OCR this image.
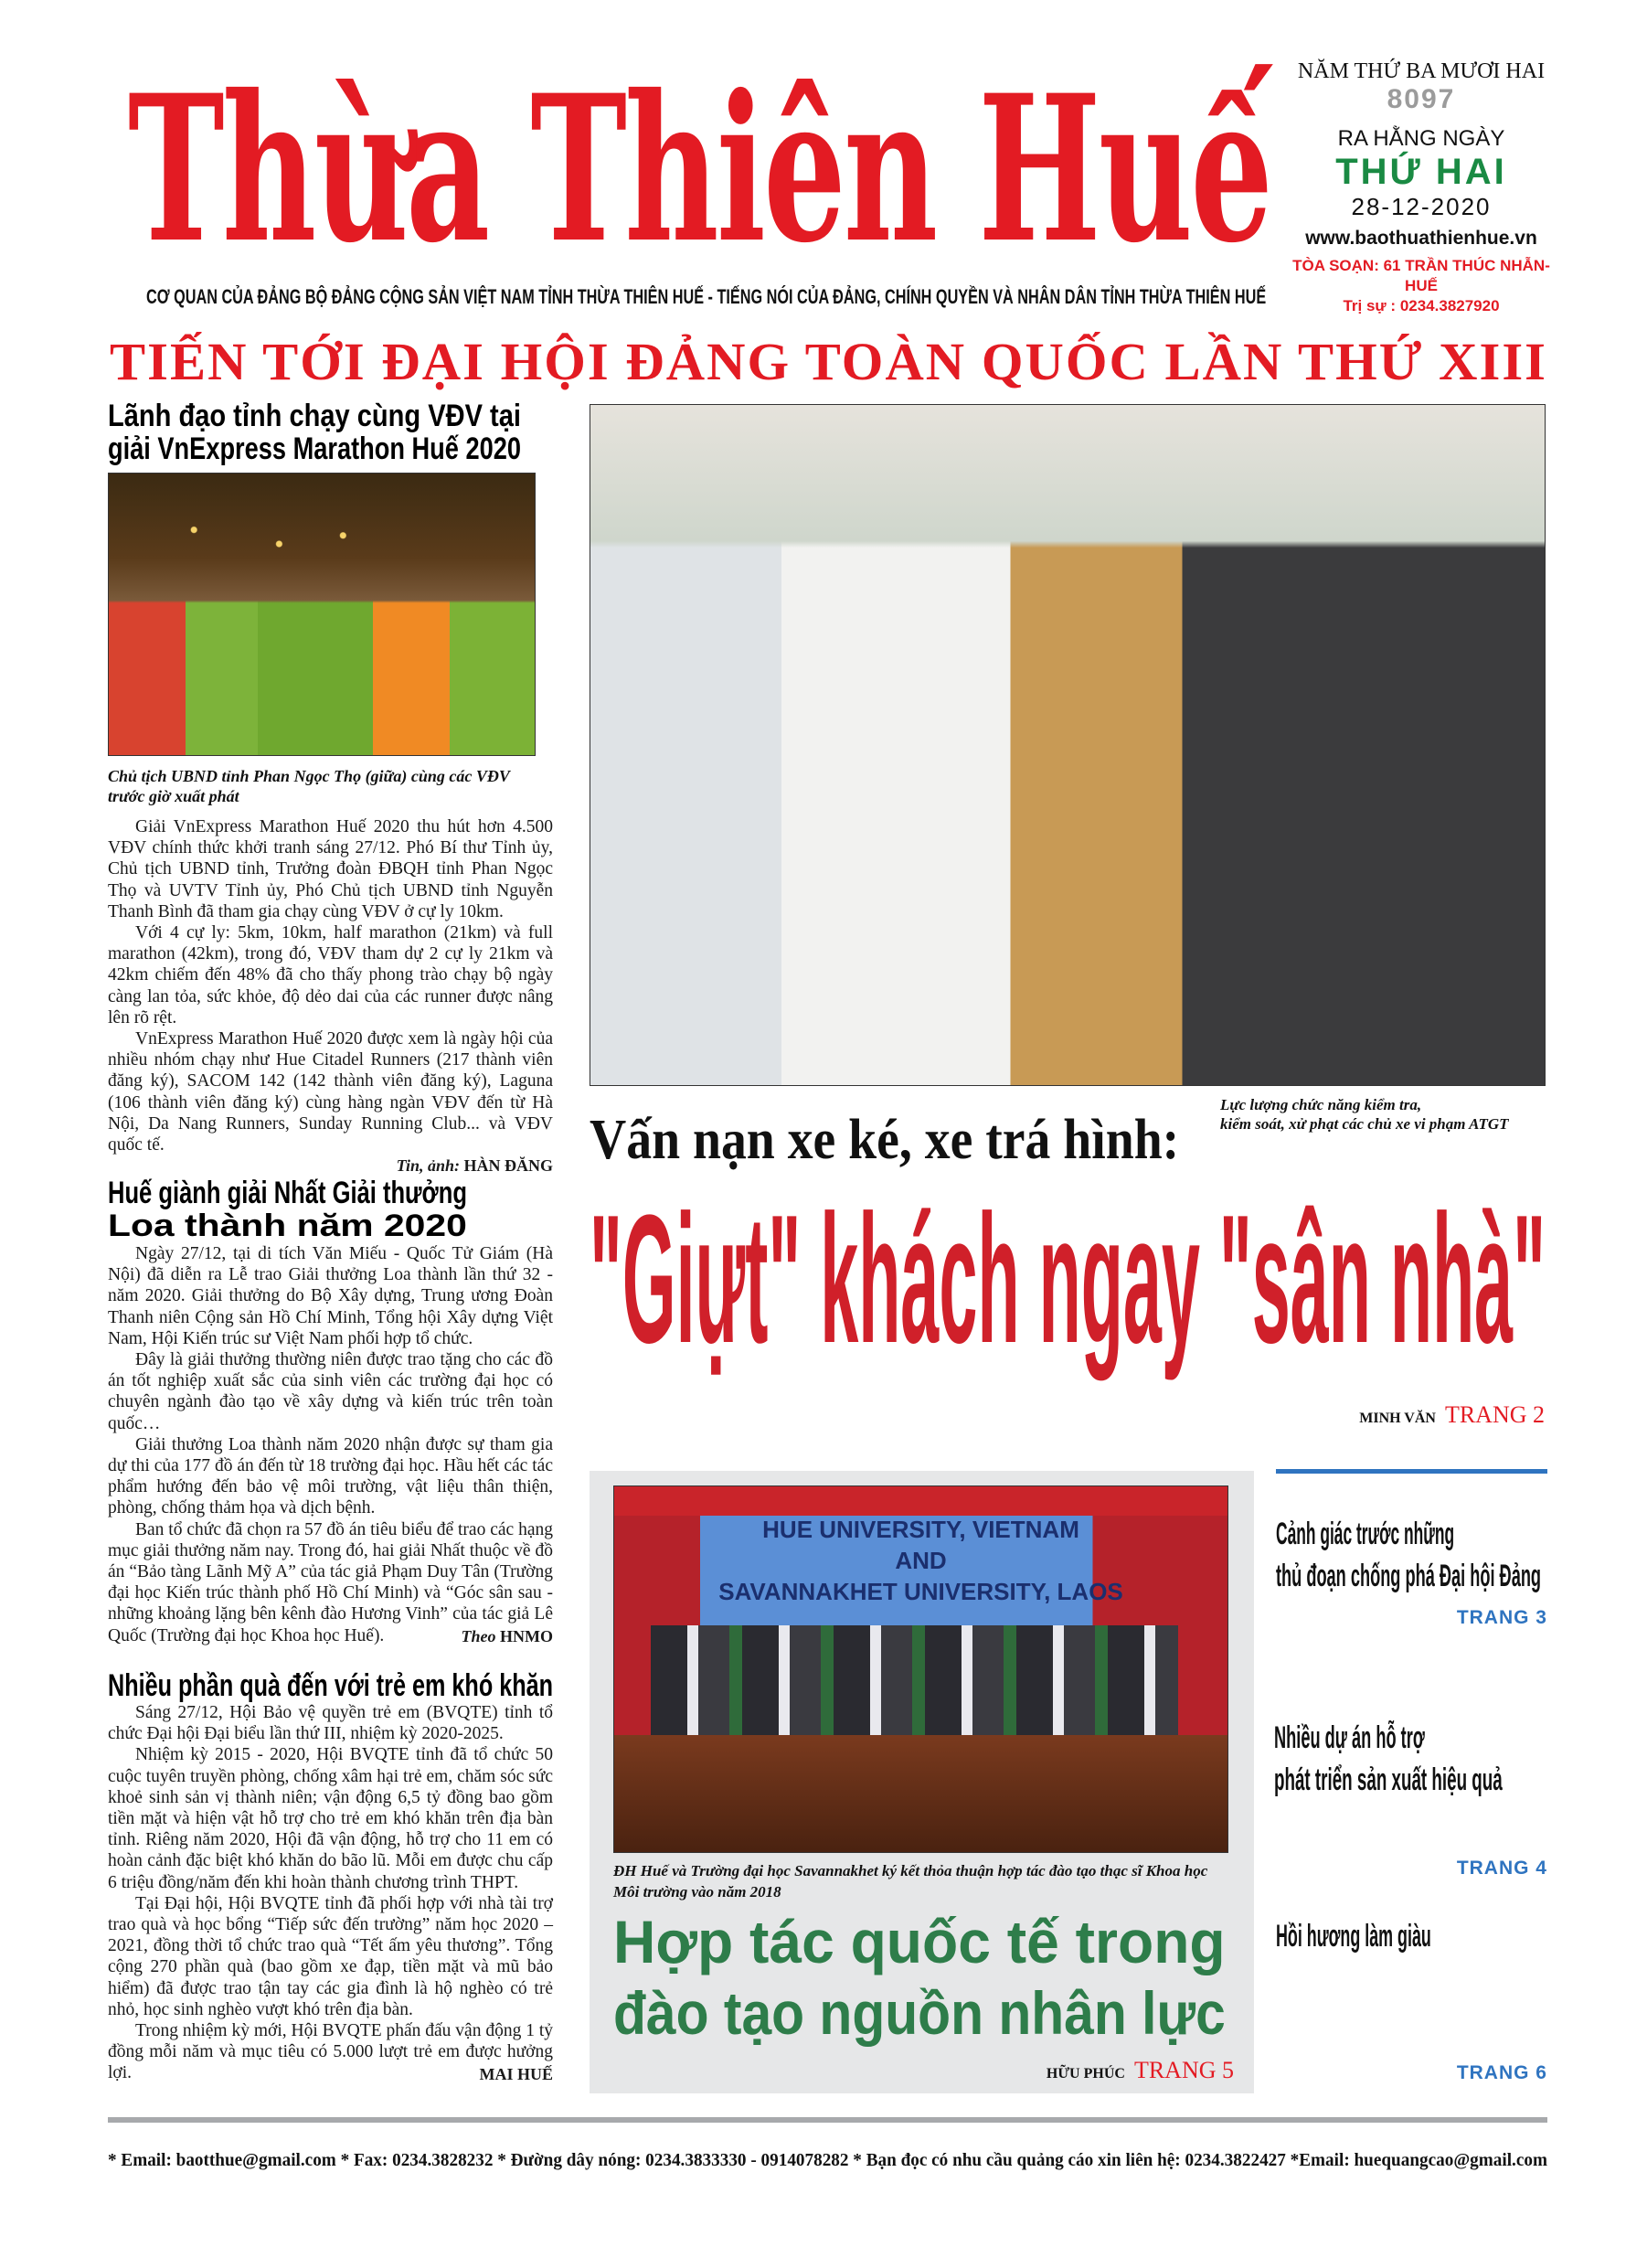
Thừa Thiên Huế
CƠ QUAN CỦA ĐẢNG BỘ ĐẢNG CỘNG SẢN VIỆT NAM TỈNH THỪA THIÊN HUẾ - TIẾNG NÓI CỦA ĐẢNG, CHÍNH QUYỀN VÀ NHÂN DÂN TỈNH THỪA THIÊN HUẾ
NĂM THỨ BA MƯƠI HAI
8097
RA HẰNG NGÀY
THỨ HAI
28-12-2020
www.baothuathienhue.vn
TÒA SOẠN: 61 TRẦN THÚC NHẪN-HUẾ
Trị sự : 0234.3827920
TIẾN TỚI ĐẠI HỘI ĐẢNG TOÀN QUỐC LẦN THỨ XIII
Lãnh đạo tỉnh chạy cùng VĐV tại
giải VnExpress Marathon Huế 2020
Chủ tịch UBND tỉnh Phan Ngọc Thọ (giữa) cùng các VĐV trước giờ xuất phát

Giải VnExpress Marathon Huế 2020 thu hút hơn 4.500 VĐV chính thức khởi tranh sáng 27/12. Phó Bí thư Tỉnh ủy, Chủ tịch UBND tỉnh, Trưởng đoàn ĐBQH tỉnh Phan Ngọc Thọ và UVTV Tỉnh ủy, Phó Chủ tịch UBND tỉnh Nguyễn Thanh Bình đã tham gia chạy cùng VĐV ở cự ly 10km.

Với 4 cự ly: 5km, 10km, half marathon (21km) và full marathon (42km), trong đó, VĐV tham dự 2 cự ly 21km và 42km chiếm đến 48% đã cho thấy phong trào chạy bộ ngày càng lan tỏa, sức khỏe, độ dẻo dai của các runner được nâng lên rõ rệt.

VnExpress Marathon Huế 2020 được xem là ngày hội của nhiều nhóm chạy như Hue Citadel Runners (217 thành viên đăng ký), SACOM 142 (142 thành viên đăng ký), Laguna (106 thành viên đăng ký) cùng hàng ngàn VĐV đến từ Hà Nội, Da Nang Runners, Sunday Running Club... và VĐV quốc tế.

Tin, ảnh: HÀN ĐĂNG
Huế giành giải Nhất Giải thưởng
Loa thành năm 2020

Ngày 27/12, tại di tích Văn Miếu - Quốc Tử Giám (Hà Nội) đã diễn ra Lễ trao Giải thưởng Loa thành lần thứ 32 - năm 2020. Giải thưởng do Bộ Xây dựng, Trung ương Đoàn Thanh niên Cộng sản Hồ Chí Minh, Tổng hội Xây dựng Việt Nam, Hội Kiến trúc sư Việt Nam phối hợp tổ chức.

Đây là giải thưởng thường niên được trao tặng cho các đồ án tốt nghiệp xuất sắc của sinh viên các trường đại học có chuyên ngành đào tạo về xây dựng và kiến trúc trên toàn quốc…

Giải thưởng Loa thành năm 2020 nhận được sự tham gia dự thi của 177 đồ án đến từ 18 trường đại học. Hầu hết các tác phẩm hướng đến bảo vệ môi trường, vật liệu thân thiện, phòng, chống thảm họa và dịch bệnh.

Ban tổ chức đã chọn ra 57 đồ án tiêu biểu để trao các hạng mục giải thưởng năm nay. Trong đó, hai giải Nhất thuộc về đồ án “Bảo tàng Lãnh Mỹ A” của tác giả Phạm Duy Tân (Trường đại học Kiến trúc thành phố Hồ Chí Minh) và “Góc sân sau - những khoảng lặng bên kênh đào Hương Vinh” của tác giả Lê Quốc (Trường đại học Khoa học Huế).	Theo HNMO
Nhiều phần quà đến với trẻ em khó khăn

Sáng 27/12, Hội Bảo vệ quyền trẻ em (BVQTE) tỉnh tổ chức Đại hội Đại biểu lần thứ III, nhiệm kỳ 2020-2025.

Nhiệm kỳ 2015 - 2020, Hội BVQTE tỉnh đã tổ chức 50 cuộc tuyên truyền phòng, chống xâm hại trẻ em, chăm sóc sức khoẻ sinh sản vị thành niên; vận động 6,5 tỷ đồng bao gồm tiền mặt và hiện vật hỗ trợ cho trẻ em khó khăn trên địa bàn tỉnh. Riêng năm 2020, Hội đã vận động, hỗ trợ cho 11 em có hoàn cảnh đặc biệt khó khăn do bão lũ. Mỗi em được chu cấp 6 triệu đồng/năm đến khi hoàn thành chương trình THPT.

Tại Đại hội, Hội BVQTE tỉnh đã phối hợp với nhà tài trợ trao quà và học bổng “Tiếp sức đến trường” năm học 2020 – 2021, đồng thời tổ chức trao quà “Tết ấm yêu thương”. Tổng cộng 270 phần quà (bao gồm xe đạp, tiền mặt và mũ bảo hiểm) đã được trao tận tay các gia đình là hộ nghèo có trẻ nhỏ, học sinh nghèo vượt khó trên địa bàn.

Trong nhiệm kỳ mới, Hội BVQTE phấn đấu vận động 1 tỷ đồng mỗi năm và mục tiêu có 5.000 lượt trẻ em được hưởng lợi.	MAI HUẾ
Lực lượng chức năng kiểm tra,
kiểm soát, xử phạt các chủ xe vi phạm ATGT
Vấn nạn xe ké, xe trá hình:
"Giựt" khách ngay "sân nhà"
MINH VĂN TRANG 2
HUE UNIVERSITY, VIETNAM
AND
SAVANNAKHET UNIVERSITY, LAOS
ĐH Huế và Trường đại học Savannakhet ký kết thỏa thuận hợp tác đào tạo thạc sĩ Khoa học Môi trường vào năm 2018
Hợp tác quốc tế trong
đào tạo nguồn nhân lực
HỮU PHÚC TRANG 5
Cảnh giác trước những
thủ đoạn chống phá Đại hội Đảng
TRANG 3
Nhiều dự án hỗ trợ
phát triển sản xuất hiệu quả
TRANG 4
Hồi hương làm giàu
TRANG 6
* Email: baotthue@gmail.com * Fax: 0234.3828232 * Đường dây nóng: 0234.3833330 - 0914078282 * Bạn đọc có nhu cầu quảng cáo xin liên hệ: 0234.3822427 *Email: huequangcao@gmail.com
